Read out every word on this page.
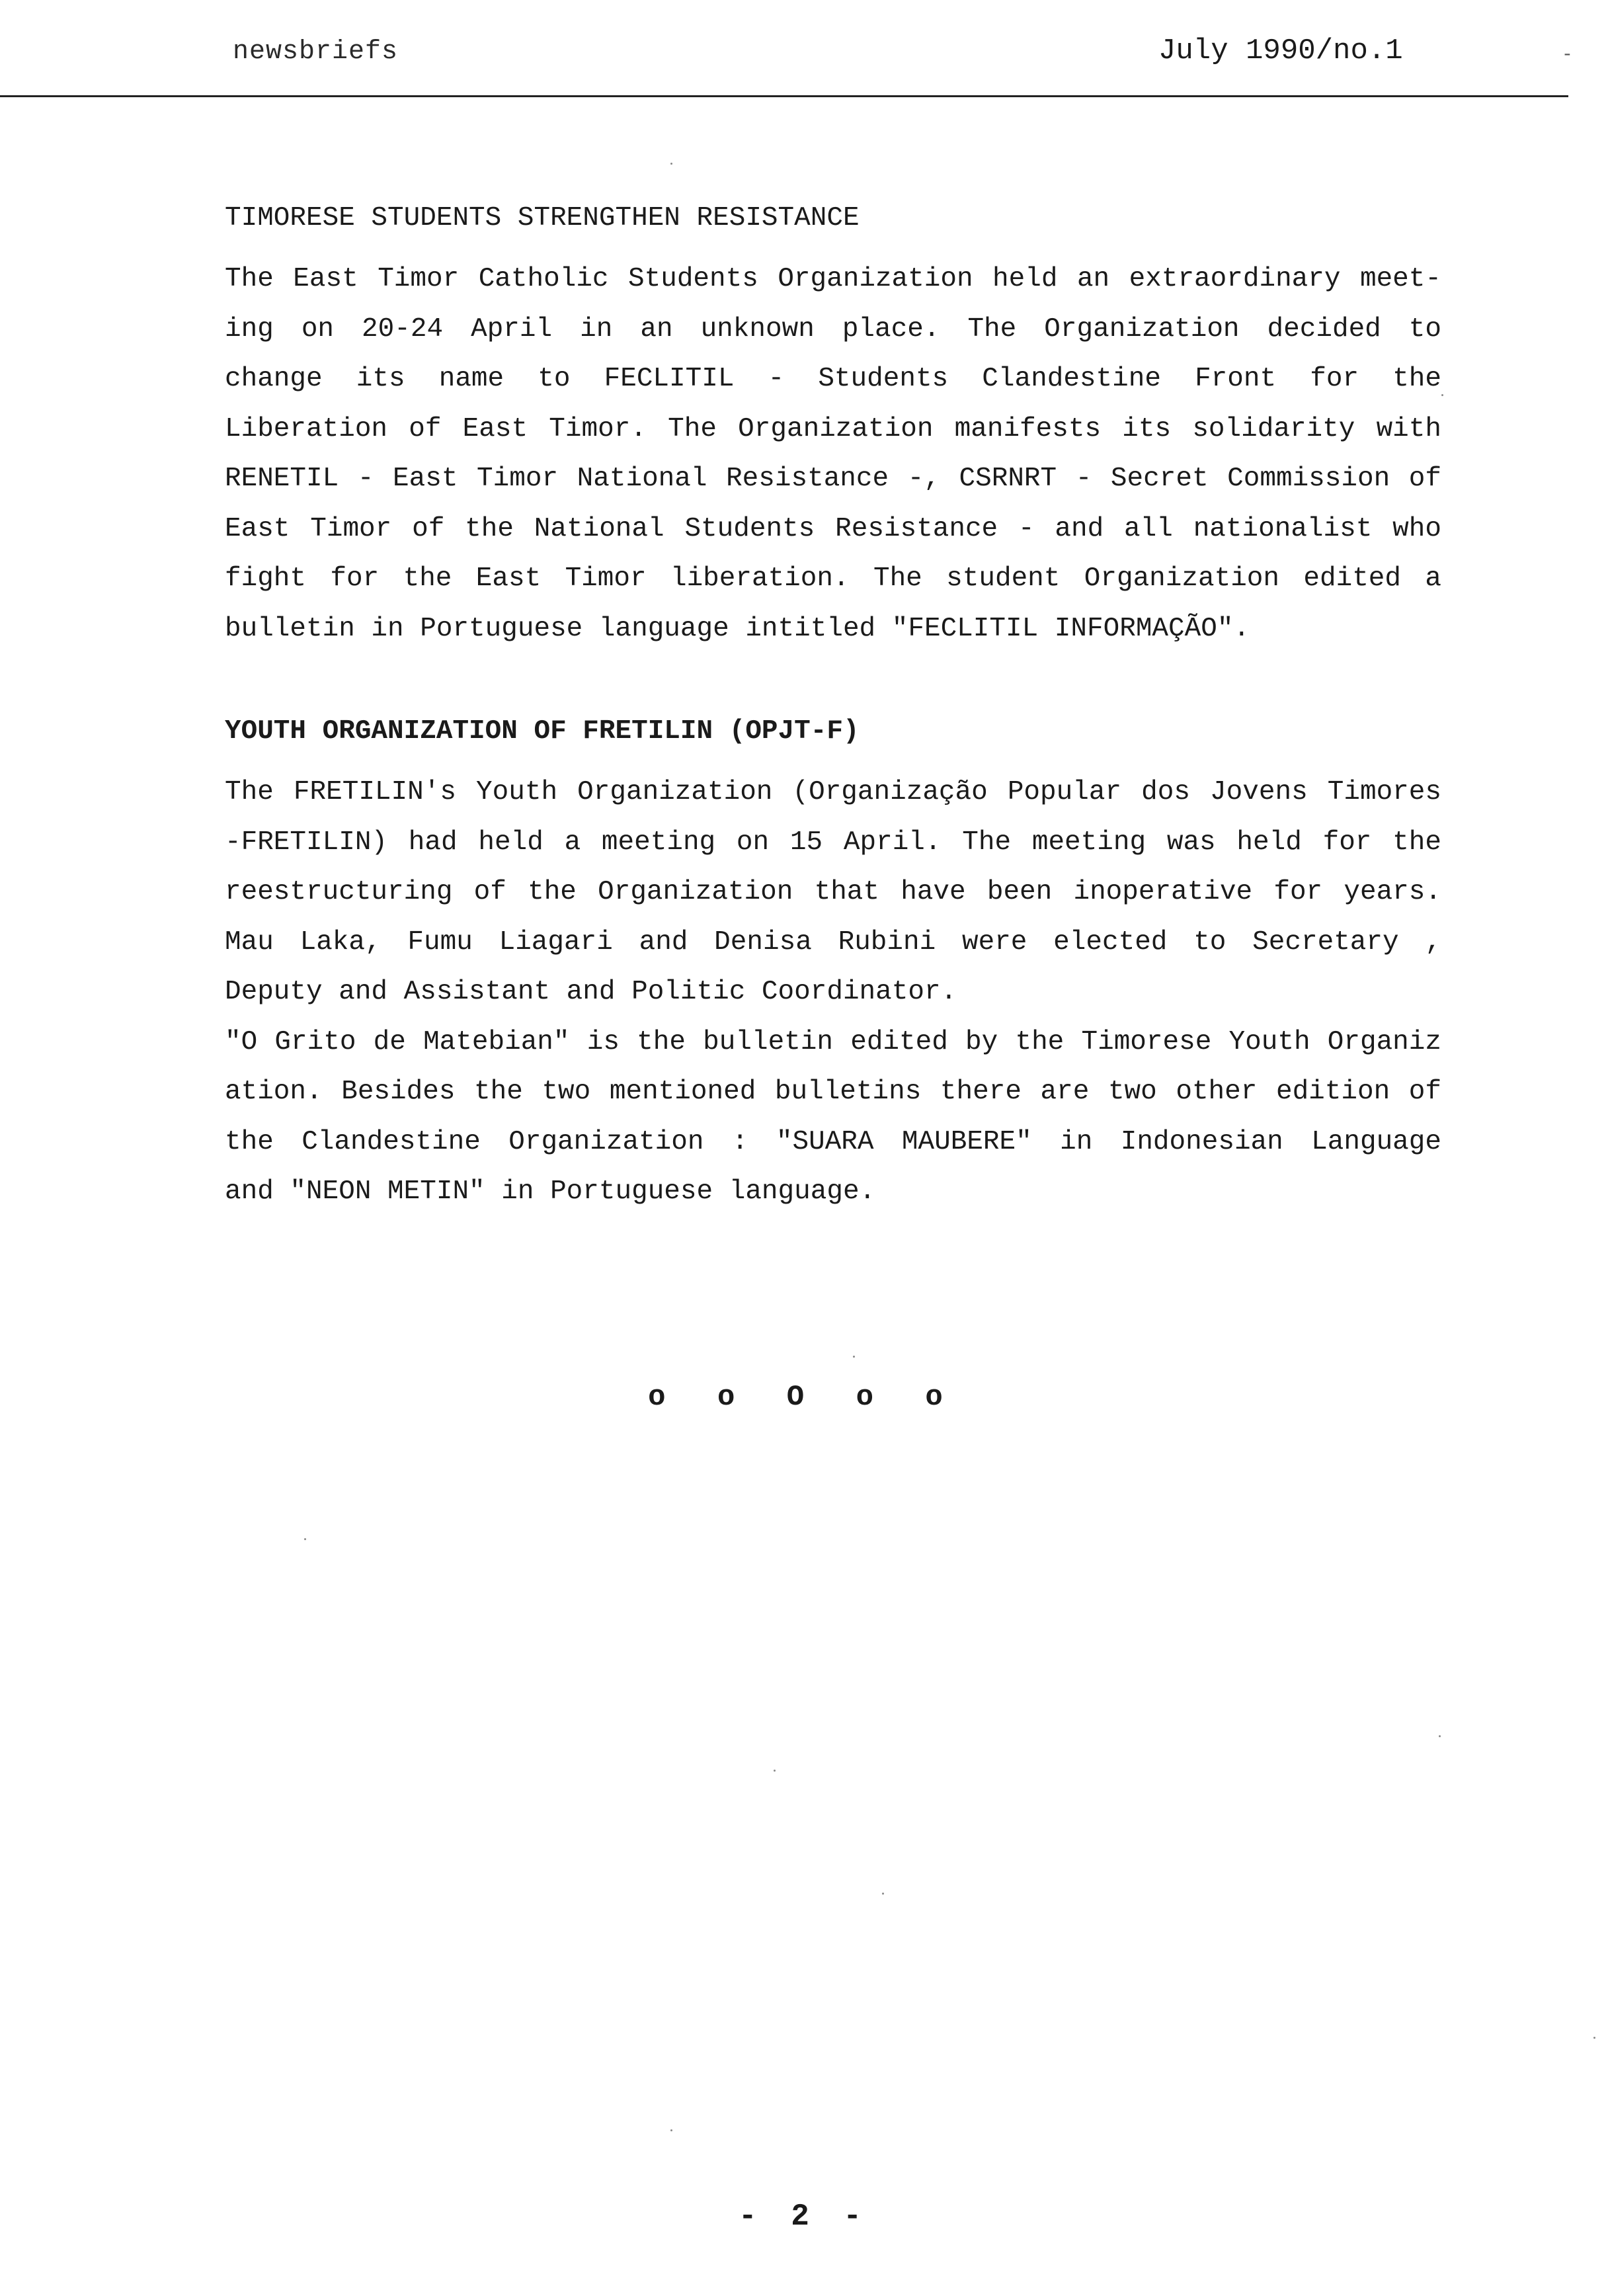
newsbriefs	July 1990/no.1	-
TIMORESE STUDENTS STRENGTHEN RESISTANCE
The East Timor Catholic Students Organization held an extraordinary meet-
ing on 20-24 April in an unknown place. The Organization decided to
change its name to FECLITIL - Students Clandestine Front for the
Liberation of East Timor. The Organization manifests its solidarity with
RENETIL - East Timor National Resistance -, CSRNRT - Secret Commission of
East Timor of the National Students Resistance - and all nationalist who
fight for the East Timor liberation. The student Organization edited a
bulletin in Portuguese language intitled "FECLITIL INFORMAÇÃO".
YOUTH ORGANIZATION OF FRETILIN (OPJT-F)
The FRETILIN's Youth Organization (Organização Popular dos Jovens Timores
-FRETILIN) had held a meeting on 15 April. The meeting was held for the
reestructuring of the Organization that have been inoperative for years.
Mau Laka, Fumu Liagari and Denisa Rubini were elected to Secretary ,
Deputy and Assistant and Politic Coordinator.
"O Grito de Matebian" is the bulletin edited by the Timorese Youth Organiz
ation. Besides the two mentioned bulletins there are two other edition of
the Clandestine Organization : "SUARA MAUBERE" in Indonesian Language
and "NEON METIN" in Portuguese language.
o o O o o
- 2 -
